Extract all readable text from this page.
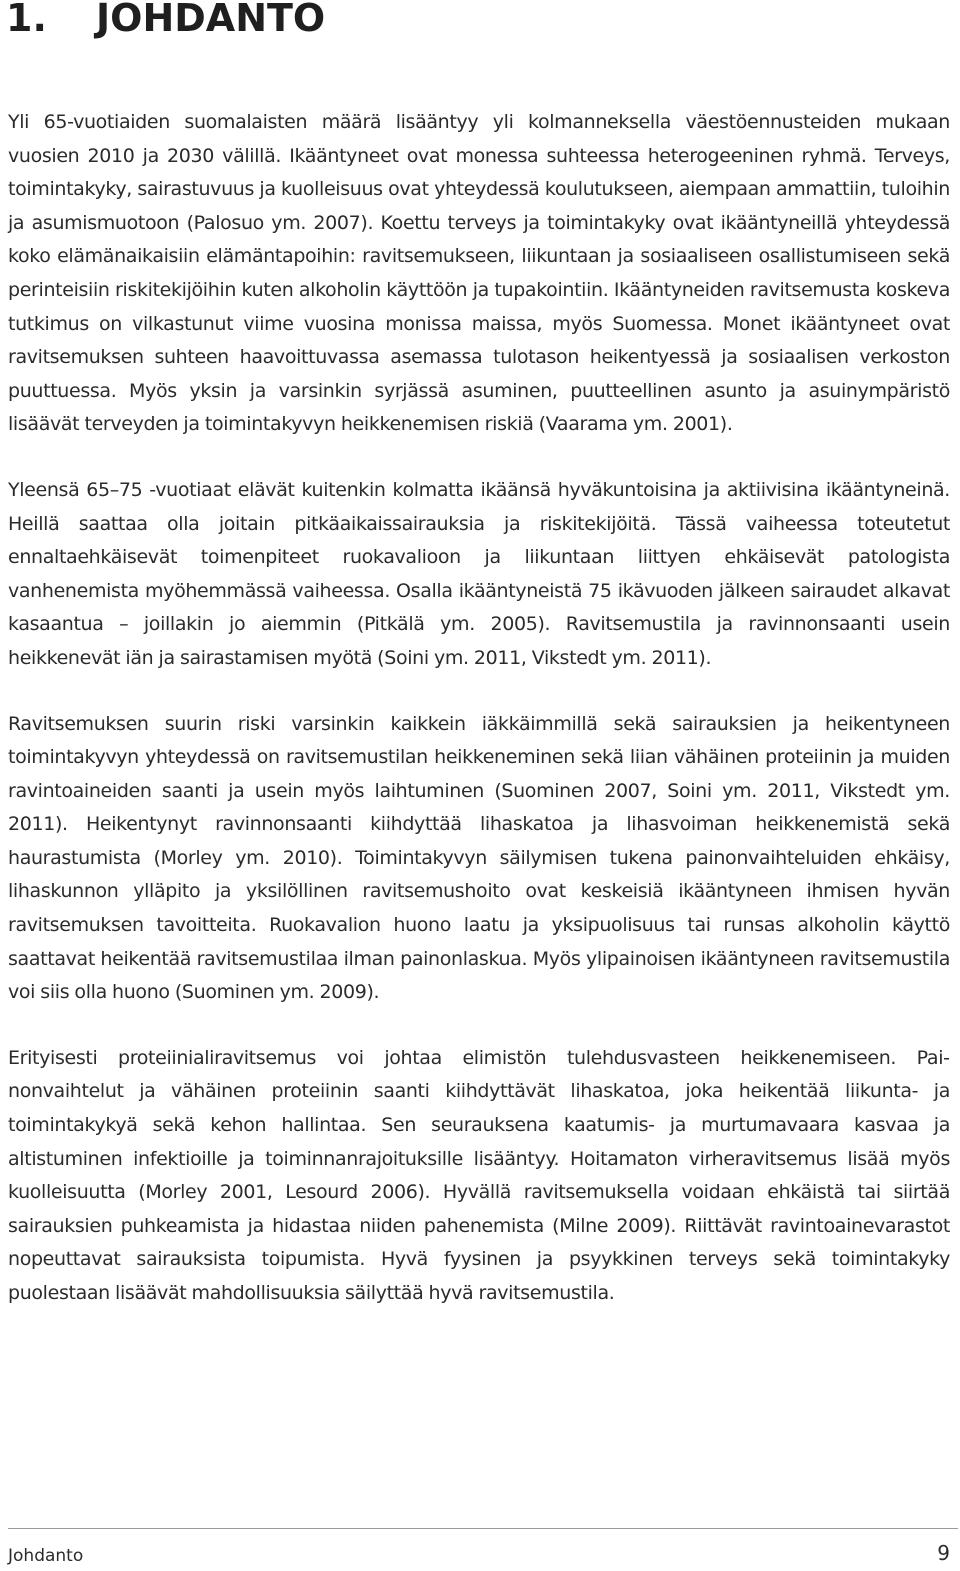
1.	JOHDANTO

Yli 65-vuotiaiden suomalaisten määrä lisääntyy yli kolmanneksella väestöennusteiden mukaan vuosien 2010 ja 2030 välillä. Ikääntyneet ovat monessa suhteessa heterogeeninen ryhmä. Terveys, toimintakyky, sairastuvuus ja kuolleisuus ovat yhteydessä koulutukseen, aiempaan ammattiin, tuloihin ja asumismuotoon (Palosuo ym. 2007). Koettu terveys ja toimintakyky ovat ikääntyneillä yhteydessä koko elämänaikaisiin elämäntapoihin: ravitsemukseen, liikuntaan ja sosiaaliseen osallistumiseen sekä perinteisiin riskitekijöihin kuten alkoholin käyttöön ja tupakointiin. Ikääntyneiden ravitsemusta koskeva tutkimus on vilkastunut viime vuosina monissa maissa, myös Suomessa. Monet ikääntyneet ovat ravitsemuksen suhteen haavoittuvassa asemassa tulotason heikentyessä ja sosiaalisen verkoston puuttuessa. Myös yksin ja varsinkin syrjässä asuminen, puutteellinen asunto ja asuinympäristö lisäävät terveyden ja toimintakyvyn heikkenemisen riskiä (Vaarama ym. 2001).

Yleensä 65–75 -vuotiaat elävät kuitenkin kolmatta ikäänsä hyväkuntoisina ja aktiivisina ikääntyneinä. Heillä saattaa olla joitain pitkäaikaissairauksia ja riskitekijöitä. Tässä vaiheessa toteutetut ennaltaehkäisevät toimenpiteet ruokavalioon ja liikuntaan liittyen ehkäisevät patologista vanhenemista myöhemmässä vaiheessa. Osalla ikääntyneistä 75 ikävuoden jälkeen sairaudet alkavat kasaantua – joillakin jo aiemmin (Pitkälä ym. 2005). Ravitsemustila ja ravinnonsaanti usein heikkenevät iän ja sairastamisen myötä (Soini ym. 2011, Vikstedt ym. 2011).

Ravitsemuksen suurin riski varsinkin kaikkein iäkkäimmillä sekä sairauksien ja heikentyneen toimintakyvyn yhteydessä on ravitsemustilan heikkeneminen sekä liian vähäinen proteiinin ja muiden ravintoaineiden saanti ja usein myös laihtuminen (Suominen 2007, Soini ym. 2011, Vikstedt ym. 2011). Heikentynyt ravinnonsaanti kiihdyttää lihaskatoa ja lihasvoiman heikkenemistä sekä haurastumista (Morley ym. 2010). Toimintakyvyn säilymisen tukena painonvaihteluiden ehkäisy, lihaskunnon ylläpito ja yksilöllinen ravitsemushoito ovat keskeisiä ikääntyneen ihmisen hyvän ravitsemuksen tavoitteita. Ruokavalion huono laatu ja yksipuolisuus tai runsas alkoholin käyttö saattavat heikentää ravitsemustilaa ilman painonlaskua. Myös ylipainoisen ikääntyneen ravitsemustila voi siis olla huono (Suominen ym. 2009).

Erityisesti proteiinialiravitsemus voi johtaa elimistön tulehdusvasteen heikkenemiseen. Painonvaihtelut ja vähäinen proteiinin saanti kiihdyttävät lihaskatoa, joka heikentää liikunta- ja toimintakykyä sekä kehon hallintaa. Sen seurauksena kaatumis- ja murtumavaara kasvaa ja altistuminen infektioille ja toiminnanrajoituksille lisääntyy. Hoitamaton virheravitsemus lisää myös kuolleisuutta (Morley 2001, Lesourd 2006). Hyvällä ravitsemuksella voidaan ehkäistä tai siirtää sairauksien puhkeamista ja hidastaa niiden pahenemista (Milne 2009). Riittävät ravintoainevarastot nopeuttavat sairauksista toipumista. Hyvä fyysinen ja psyykkinen terveys sekä toimintakyky puolestaan lisäävät mahdollisuuksia säilyttää hyvä ravitsemustila.

Johdanto	9
